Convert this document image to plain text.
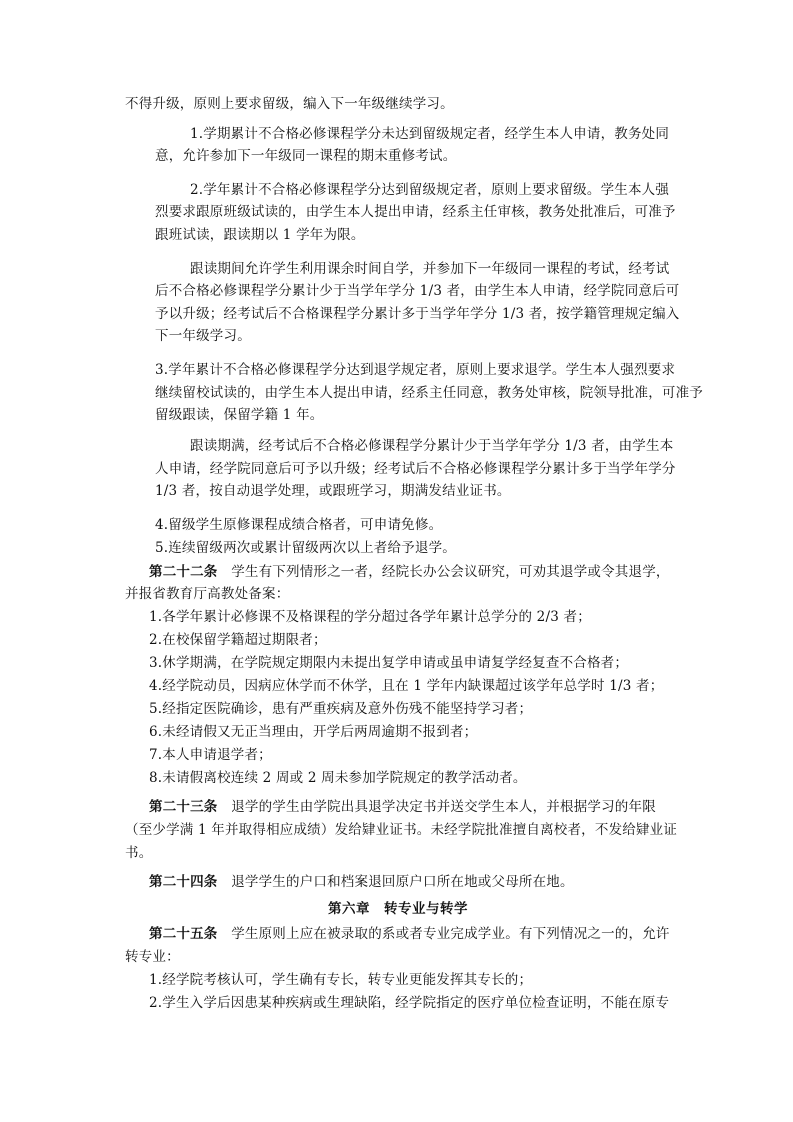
不得升级，原则上要求留级，编入下一年级继续学习。
1.学期累计不合格必修课程学分未达到留级规定者，经学生本人申请，教务处同
意，允许参加下一年级同一课程的期末重修考试。
2.学年累计不合格必修课程学分达到留级规定者，原则上要求留级。学生本人强
烈要求跟原班级试读的，由学生本人提出申请，经系主任审核，教务处批准后，可准予
跟班试读，跟读期以 1 学年为限。
跟读期间允许学生利用课余时间自学，并参加下一年级同一课程的考试，经考试
后不合格必修课程学分累计少于当学年学分 1/3 者，由学生本人申请，经学院同意后可
予以升级；经考试后不合格课程学分累计多于当学年学分 1/3 者，按学籍管理规定编入
下一年级学习。
3.学年累计不合格必修课程学分达到退学规定者，原则上要求退学。学生本人强烈要求
继续留校试读的，由学生本人提出申请，经系主任同意，教务处审核，院领导批准，可准予
留级跟读，保留学籍 1 年。
跟读期满，经考试后不合格必修课程学分累计少于当学年学分 1/3 者，由学生本
人申请，经学院同意后可予以升级；经考试后不合格必修课程学分累计多于当学年学分
1/3 者，按自动退学处理，或跟班学习，期满发结业证书。
4.留级学生原修课程成绩合格者，可申请免修。
5.连续留级两次或累计留级两次以上者给予退学。
第二十二条　 学生有下列情形之一者，经院长办公会议研究，可劝其退学或令其退学，
并报省教育厅高教处备案：
1.各学年累计必修课不及格课程的学分超过各学年累计总学分的 2/3 者；
2.在校保留学籍超过期限者；
3.休学期满，在学院规定期限内未提出复学申请或虽申请复学经复查不合格者；
4.经学院动员，因病应休学而不休学，且在 1 学年内缺课超过该学年总学时 1/3 者；
5.经指定医院确诊，患有严重疾病及意外伤残不能坚持学习者；
6.未经请假又无正当理由，开学后两周逾期不报到者；
7.本人申请退学者；
8.未请假离校连续 2 周或 2 周未参加学院规定的教学活动者。
第二十三条　 退学的学生由学院出具退学决定书并送交学生本人，并根据学习的年限
（至少学满 1 年并取得相应成绩）发给肄业证书。未经学院批准擅自离校者，不发给肄业证
书。
第二十四条　 退学学生的户口和档案退回原户口所在地或父母所在地。
第六章　转专业与转学
第二十五条　 学生原则上应在被录取的系或者专业完成学业。有下列情况之一的，允许
转专业：
1.经学院考核认可，学生确有专长，转专业更能发挥其专长的；
2.学生入学后因患某种疾病或生理缺陷，经学院指定的医疗单位检查证明，不能在原专
